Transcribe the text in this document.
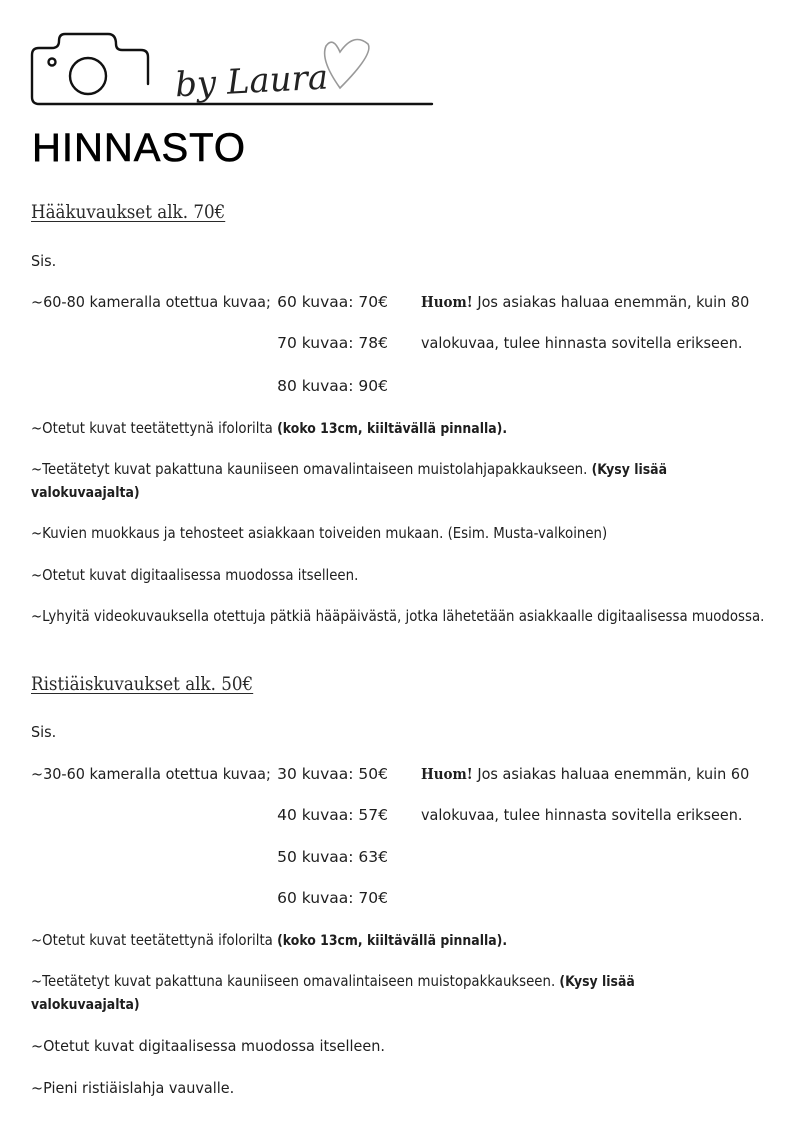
by Laura
HINNASTO
Hääkuvaukset alk. 70€
Sis.
~60-80 kameralla otettua kuvaa; 60 kuvaa: 70€
70 kuvaa: 78€
80 kuvaa: 90€
Huom! Jos asiakas haluaa enemmän, kuin 80
valokuvaa, tulee hinnasta sovitella erikseen.
~Otetut kuvat teetätettynä ifolorilta (koko 13cm, kiiltävällä pinnalla).
~Teetätetyt kuvat pakattuna kauniiseen omavalintaiseen muistolahjapakkaukseen. (Kysy lisää valokuvaajalta)
~Kuvien muokkaus ja tehosteet asiakkaan toiveiden mukaan. (Esim. Musta-valkoinen)
~Otetut kuvat digitaalisessa muodossa itselleen.
~Lyhyitä videokuvauksella otettuja pätkiä hääpäivästä, jotka lähetetään asiakkaalle digitaalisessa muodossa.
Ristiäiskuvaukset alk. 50€
Sis.
~30-60 kameralla otettua kuvaa; 30 kuvaa: 50€
40 kuvaa: 57€
50 kuvaa: 63€
60 kuvaa: 70€
Huom! Jos asiakas haluaa enemmän, kuin 60
valokuvaa, tulee hinnasta sovitella erikseen.
~Otetut kuvat teetätettynä ifolorilta (koko 13cm, kiiltävällä pinnalla).
~Teetätetyt kuvat pakattuna kauniiseen omavalintaiseen muistopakkaukseen. (Kysy lisää valokuvaajalta)
~Otetut kuvat digitaalisessa muodossa itselleen.
~Pieni ristiäislahja vauvalle.
